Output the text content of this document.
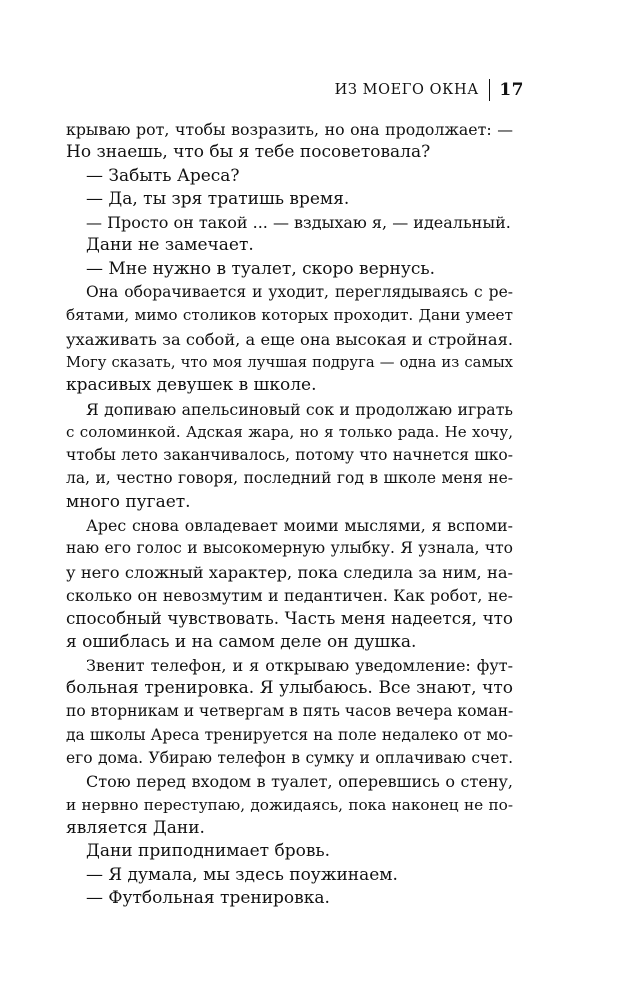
ИЗ МОЕГО ОКНА 17
крываю рот, чтобы возразить, но она продолжает: —
Но знаешь, что бы я тебе посоветовала?
— Забыть Ареса?
— Да, ты зря тратишь время.
— Просто он такой ... — вздыхаю я, — идеальный.
Дани не замечает.
— Мне нужно в туалет, скоро вернусь.
Она оборачивается и уходит, переглядываясь с ре-
бятами, мимо столиков которых проходит. Дани умеет
ухаживать за собой, а еще она высокая и стройная.
Могу сказать, что моя лучшая подруга — одна из самых
красивых девушек в школе.
Я допиваю апельсиновый сок и продолжаю играть
с соломинкой. Адская жара, но я только рада. Не хочу,
чтобы лето заканчивалось, потому что начнется шко-
ла, и, честно говоря, последний год в школе меня не-
много пугает.
Арес снова овладевает моими мыслями, я вспоми-
наю его голос и высокомерную улыбку. Я узнала, что
у него сложный характер, пока следила за ним, на-
сколько он невозмутим и педантичен. Как робот, не-
способный чувствовать. Часть меня надеется, что
я ошиблась и на самом деле он душка.
Звенит телефон, и я открываю уведомление: фут-
больная тренировка. Я улыбаюсь. Все знают, что
по вторникам и четвергам в пять часов вечера коман-
да школы Ареса тренируется на поле недалеко от мо-
его дома. Убираю телефон в сумку и оплачиваю счет.
Стою перед входом в туалет, оперевшись о стену,
и нервно переступаю, дожидаясь, пока наконец не по-
является Дани.
Дани приподнимает бровь.
— Я думала, мы здесь поужинаем.
— Футбольная тренировка.
